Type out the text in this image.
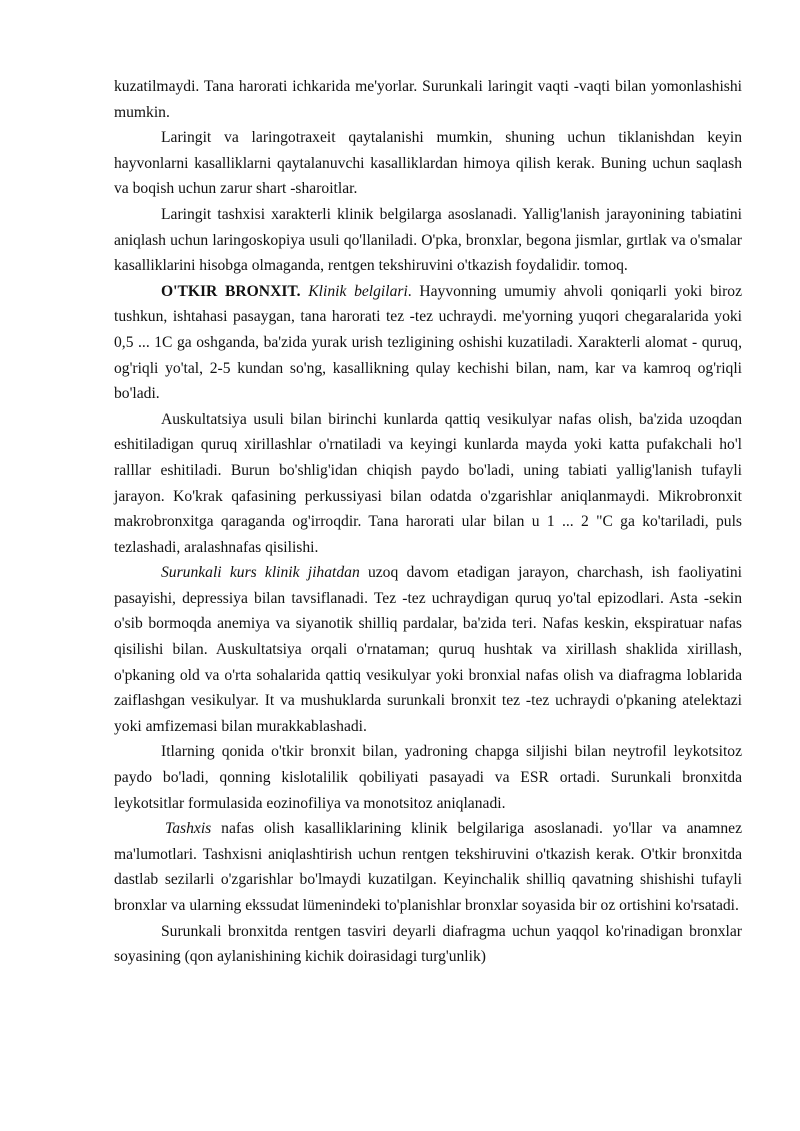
kuzatilmaydi. Tana harorati ichkarida me'yorlar. Surunkali laringit vaqti -vaqti bilan yomonlashishi mumkin.

Laringit va laringotraxeit qaytalanishi mumkin, shuning uchun tiklanishdan keyin hayvonlarni kasalliklarni qaytalanuvchi kasalliklardan himoya qilish kerak. Buning uchun saqlash va boqish uchun zarur shart -sharoitlar.

Laringit tashxisi xarakterli klinik belgilarga asoslanadi. Yallig'lanish jarayonining tabiatini aniqlash uchun laringoskopiya usuli qo'llaniladi. O'pka, bronxlar, begona jismlar, gırtlak va o'smalar kasalliklarini hisobga olmaganda, rentgen tekshiruvini o'tkazish foydalidir. tomoq.

O'TKIR BRONXIT. Klinik belgilari. Hayvonning umumiy ahvoli qoniqarli yoki biroz tushkun, ishtahasi pasaygan, tana harorati tez -tez uchraydi. me'yorning yuqori chegaralarida yoki 0,5 ... 1C ga oshganda, ba'zida yurak urish tezligining oshishi kuzatiladi. Xarakterli alomat - quruq, og'riqli yo'tal, 2-5 kundan so'ng, kasallikning qulay kechishi bilan, nam, kar va kamroq og'riqli bo'ladi.

Auskultatsiya usuli bilan birinchi kunlarda qattiq vesikulyar nafas olish, ba'zida uzoqdan eshitiladigan quruq xirillashlar o'rnatiladi va keyingi kunlarda mayda yoki katta pufakchali ho'l ralllar eshitiladi. Burun bo'shlig'idan chiqish paydo bo'ladi, uning tabiati yallig'lanish tufayli jarayon. Ko'krak qafasining perkussiyasi bilan odatda o'zgarishlar aniqlanmaydi. Mikrobronxit makrobronxitga qaraganda og'irroqdir. Tana harorati ular bilan u 1 ... 2 "C ga ko'tariladi, puls tezlashadi, aralashnafas qisilishi.

Surunkali kurs klinik jihatdan uzoq davom etadigan jarayon, charchash, ish faoliyatini pasayishi, depressiya bilan tavsiflanadi. Tez -tez uchraydigan quruq yo'tal epizodlari. Asta -sekin o'sib bormoqda anemiya va siyanotik shilliq pardalar, ba'zida teri. Nafas keskin, ekspiratuar nafas qisilishi bilan. Auskultatsiya orqali o'rnataman; quruq hushtak va xirillash shaklida xirillash, o'pkaning old va o'rta sohalarida qattiq vesikulyar yoki bronxial nafas olish va diafragma loblarida zaiflashgan vesikulyar. It va mushuklarda surunkali bronxit tez -tez uchraydi o'pkaning atelektazi yoki amfizemasi bilan murakkablashadi.

Itlarning qonida o'tkir bronxit bilan, yadroning chapga siljishi bilan neytrofil leykotsitoz paydo bo'ladi, qonning kislotalilik qobiliyati pasayadi va ESR ortadi. Surunkali bronxitda leykotsitlar formulasida eozinofiliya va monotsitoz aniqlanadi.

Tashxis nafas olish kasalliklarining klinik belgilariga asoslanadi. yo'llar va anamnez ma'lumotlari. Tashxisni aniqlashtirish uchun rentgen tekshiruvini o'tkazish kerak. O'tkir bronxitda dastlab sezilarli o'zgarishlar bo'lmaydi kuzatilgan. Keyinchalik shilliq qavatning shishishi tufayli bronxlar va ularning ekssudat lümenindeki to'planishlar bronxlar soyasida bir oz ortishini ko'rsatadi.

Surunkali bronxitda rentgen tasviri deyarli diafragma uchun yaqqol ko'rinadigan bronxlar soyasining (qon aylanishining kichik doirasidagi turg'unlik)
